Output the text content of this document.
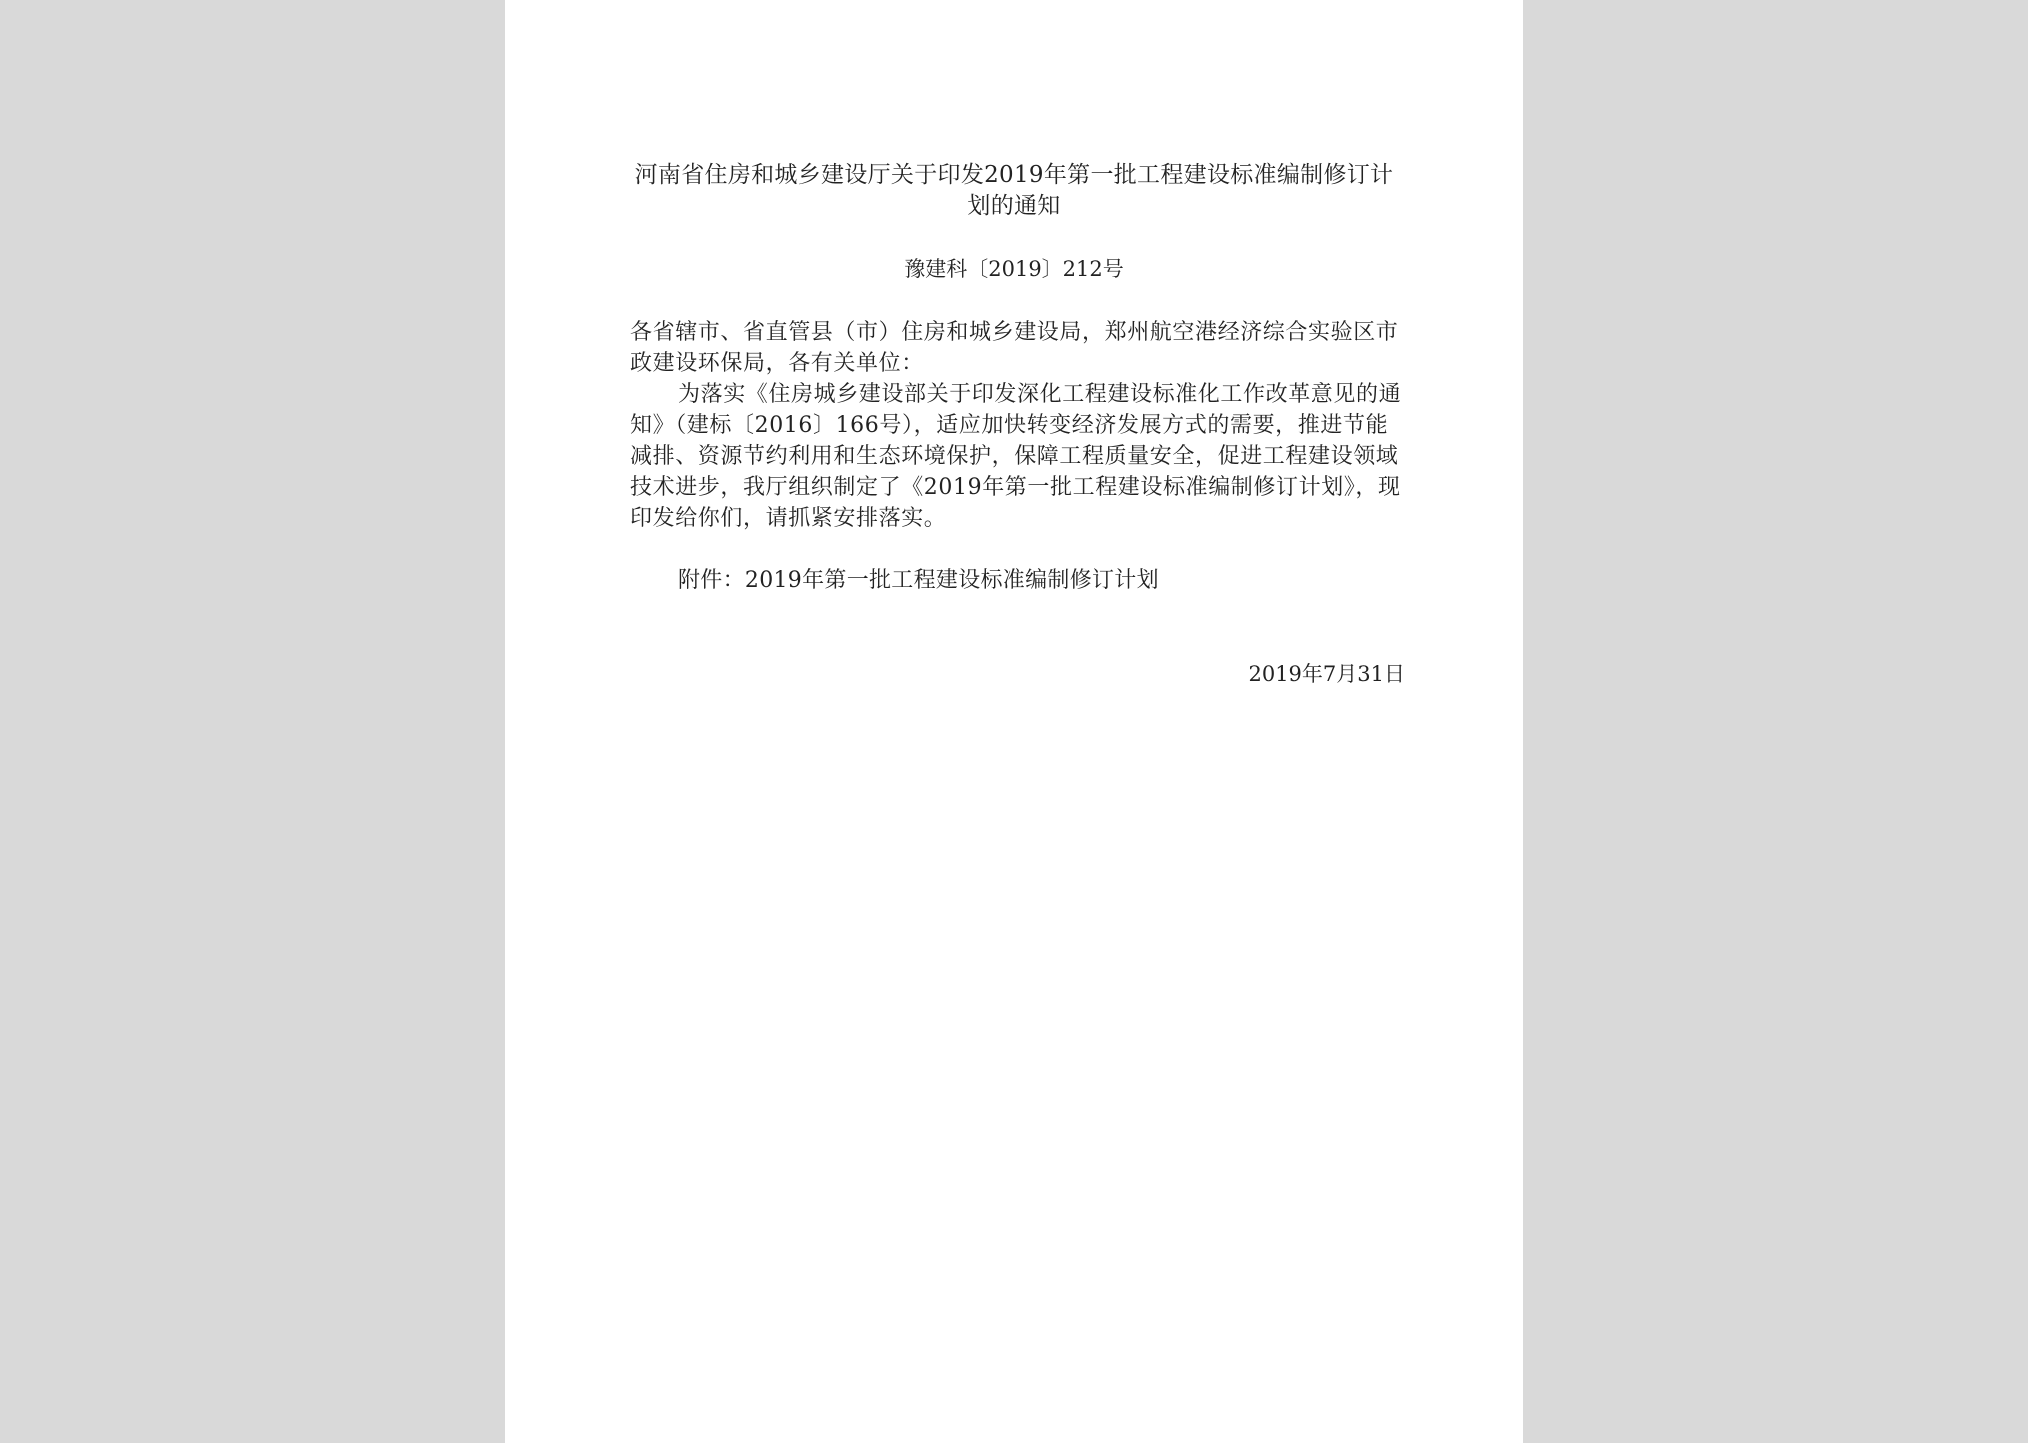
河南省住房和城乡建设厅关于印发2019年第一批工程建设标准编制修订计划的通知
豫建科〔2019〕212号
各省辖市、省直管县（市）住房和城乡建设局，郑州航空港经济综合实验区市政建设环保局，各有关单位：
为落实《住房城乡建设部关于印发深化工程建设标准化工作改革意见的通知》（建标〔2016〕166号），适应加快转变经济发展方式的需要，推进节能减排、资源节约利用和生态环境保护，保障工程质量安全，促进工程建设领域技术进步，我厅组织制定了《2019年第一批工程建设标准编制修订计划》，现印发给你们，请抓紧安排落实。
附件：2019年第一批工程建设标准编制修订计划
2019年7月31日
